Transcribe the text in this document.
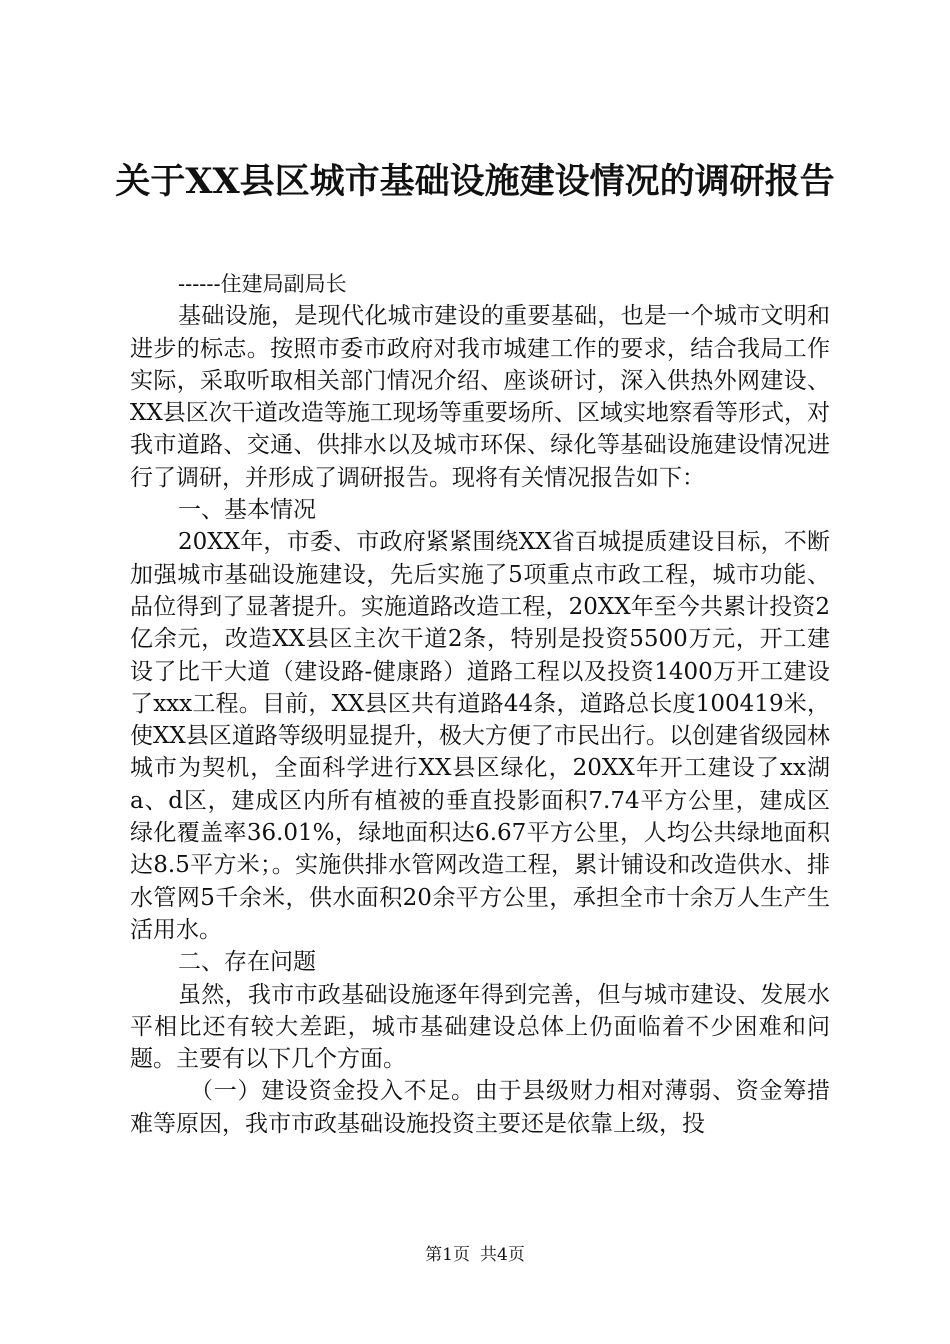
关于XX县区城市基础设施建设情况的调研报告

------住建局副局长

基础设施，是现代化城市建设的重要基础，也是一个城市文明和进步的标志。按照市委市政府对我市城建工作的要求，结合我局工作实际，采取听取相关部门情况介绍、座谈研讨，深入供热外网建设、XX县区次干道改造等施工现场等重要场所、区域实地察看等形式，对我市道路、交通、供排水以及城市环保、绿化等基础设施建设情况进行了调研，并形成了调研报告。现将有关情况报告如下：

一、基本情况

20XX年，市委、市政府紧紧围绕XX省百城提质建设目标，不断加强城市基础设施建设，先后实施了5项重点市政工程，城市功能、品位得到了显著提升。实施道路改造工程，20XX年至今共累计投资2亿余元，改造XX县区主次干道2条，特别是投资5500万元，开工建设了比干大道（建设路-健康路）道路工程以及投资1400万开工建设了xxx工程。目前，XX县区共有道路44条，道路总长度100419米，使XX县区道路等级明显提升，极大方便了市民出行。以创建省级园林城市为契机，全面科学进行XX县区绿化，20XX年开工建设了xx湖a、d区，建成区内所有植被的垂直投影面积7.74平方公里，建成区绿化覆盖率36.01%，绿地面积达6.67平方公里，人均公共绿地面积达8.5平方米；。实施供排水管网改造工程，累计铺设和改造供水、排水管网5千余米，供水面积20余平方公里，承担全市十余万人生产生活用水。

二、存在问题

虽然，我市市政基础设施逐年得到完善，但与城市建设、发展水平相比还有较大差距，城市基础建设总体上仍面临着不少困难和问题。主要有以下几个方面。

（一）建设资金投入不足。由于县级财力相对薄弱、资金筹措难等原因，我市市政基础设施投资主要还是依靠上级，投

第1页 共4页
